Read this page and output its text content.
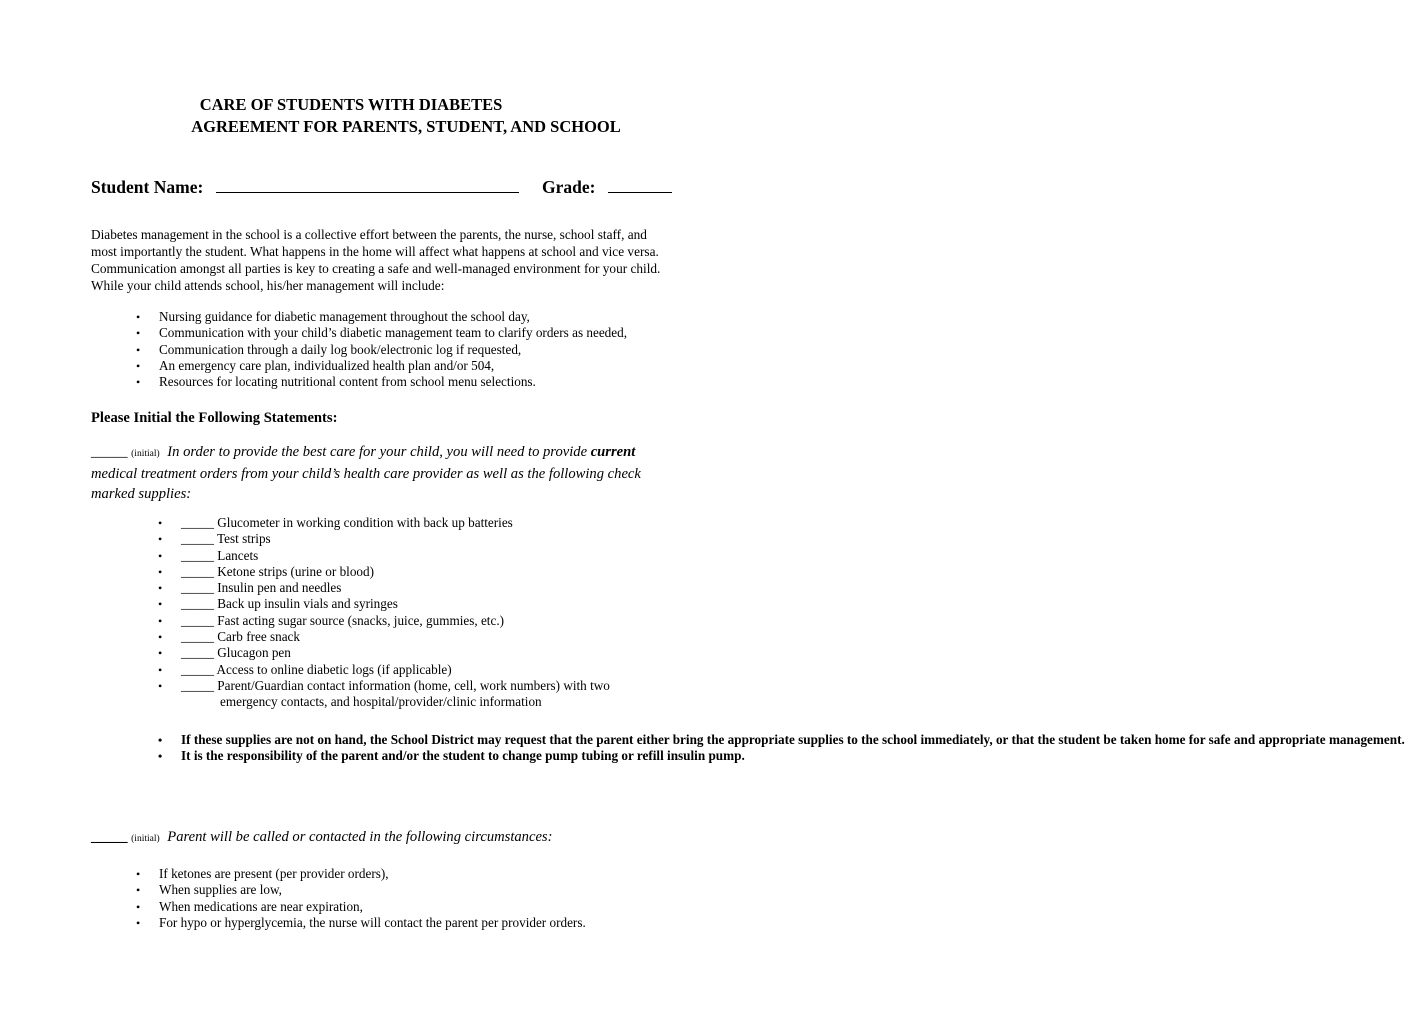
CARE OF STUDENTS WITH DIABETES
AGREEMENT FOR PARENTS, STUDENT, AND SCHOOL
Student Name:	Grade:
Diabetes management in the school is a collective effort between the parents, the nurse, school staff, and most importantly the student. What happens in the home will affect what happens at school and vice versa. Communication amongst all parties is key to creating a safe and well-managed environment for your child. While your child attends school, his/her management will include:
• Nursing guidance for diabetic management throughout the school day,
• Communication with your child’s diabetic management team to clarify orders as needed,
• Communication through a daily log book/electronic log if requested,
• An emergency care plan, individualized health plan and/or 504,
• Resources for locating nutritional content from school menu selections.
Please Initial the Following Statements:
_____ (initial) In order to provide the best care for your child, you will need to provide current medical treatment orders from your child’s health care provider as well as the following check marked supplies:
• _____ Glucometer in working condition with back up batteries
• _____ Test strips
• _____ Lancets
• _____ Ketone strips (urine or blood)
• _____ Insulin pen and needles
• _____ Back up insulin vials and syringes
• _____ Fast acting sugar source (snacks, juice, gummies, etc.)
• _____ Carb free snack
• _____ Glucagon pen
• _____ Access to online diabetic logs (if applicable)
• _____ Parent/Guardian contact information (home, cell, work numbers) with two
emergency contacts, and hospital/provider/clinic information
• If these supplies are not on hand, the School District may request that the parent either bring the appropriate supplies to the school immediately, or that the student be taken home for safe and appropriate management.
• It is the responsibility of the parent and/or the student to change pump tubing or refill insulin pump.
_____ (initial) Parent will be called or contacted in the following circumstances:
• If ketones are present (per provider orders),
• When supplies are low,
• When medications are near expiration,
• For hypo or hyperglycemia, the nurse will contact the parent per provider orders.
